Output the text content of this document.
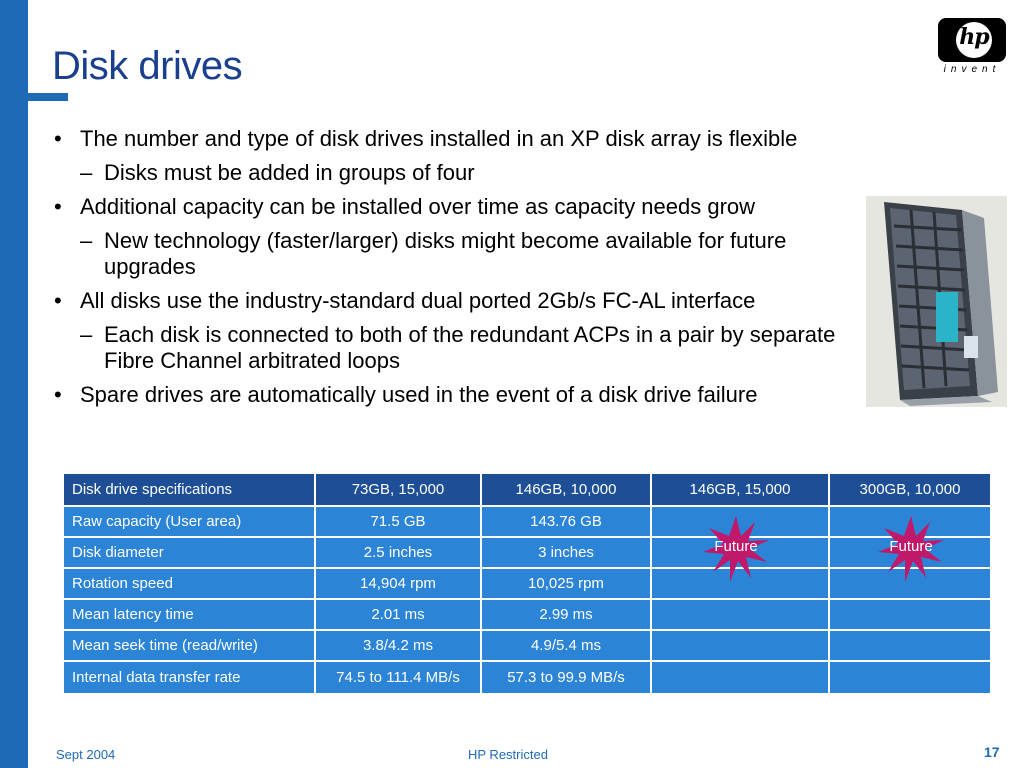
Disk drives
hp
invent
• The number and type of disk drives installed in an XP disk array is flexible
– Disks must be added in groups of four
• Additional capacity can be installed over time as capacity needs grow
– New technology (faster/larger) disks might become available for future upgrades
• All disks use the industry-standard dual ported 2Gb/s FC-AL interface
– Each disk is connected to both of the redundant ACPs in a pair by separate Fibre Channel arbitrated loops
• Spare drives are automatically used in the event of a disk drive failure
Disk drive specifications	73GB, 15,000	146GB, 10,000	146GB, 15,000	300GB, 10,000
Raw capacity (User area)	71.5 GB	143.76 GB		
Disk diameter	2.5 inches	3 inches		
Rotation speed	14,904 rpm	10,025 rpm		
Mean latency time	2.01 ms	2.99 ms		
Mean seek time (read/write)	3.8/4.2 ms	4.9/5.4 ms		
Internal data transfer rate	74.5 to 111.4 MB/s	57.3 to 99.9 MB/s		
Future	Future
Sept 2004	HP Restricted	17
